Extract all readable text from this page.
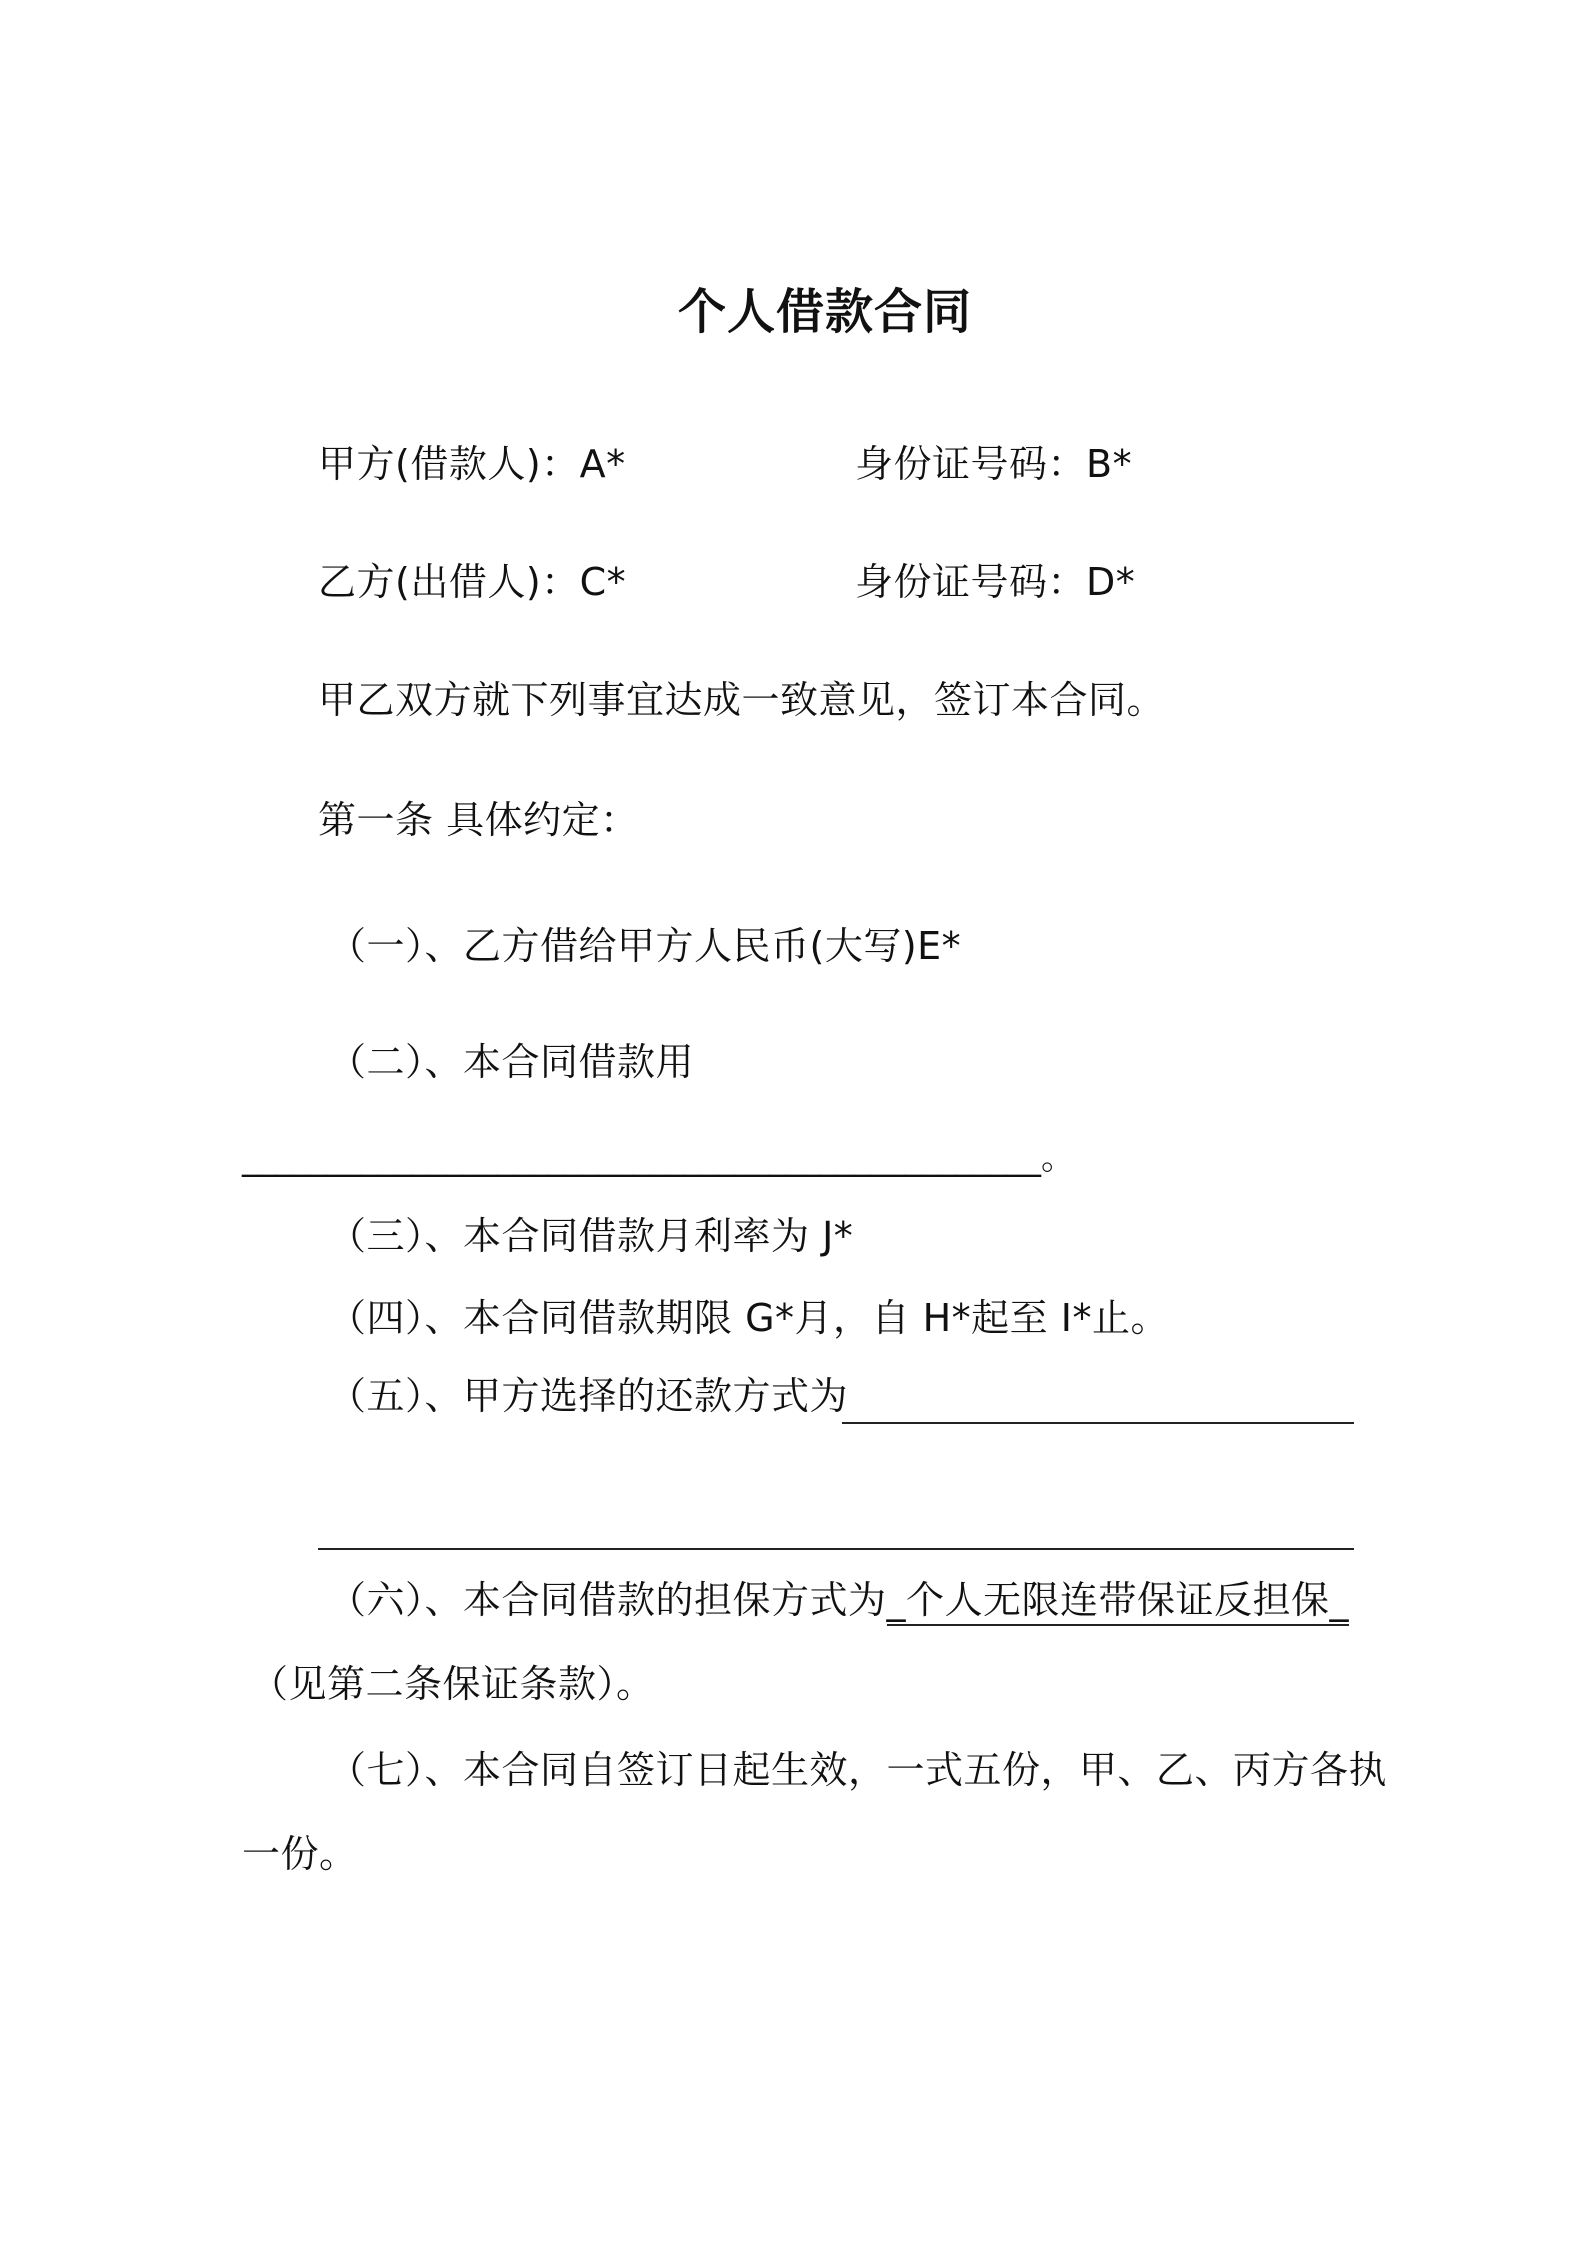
个人借款合同
甲方(借款人)：A*	身份证号码：B*
乙方(出借人)：C*	身份证号码：D*
甲乙双方就下列事宜达成一致意见，签订本合同。
第一条 具体约定：
（一）、乙方借给甲方人民币(大写)E*
（二）、本合同借款用
_______________________________________________。
（三）、本合同借款月利率为 J*
（四）、本合同借款期限 G*月，自 H*起至 I*止。
（五）、甲方选择的还款方式为
（六）、本合同借款的担保方式为_个人无限连带保证反担保_
（见第二条保证条款）。
（七）、本合同自签订日起生效，一式五份，甲、乙、丙方各执
一份。
